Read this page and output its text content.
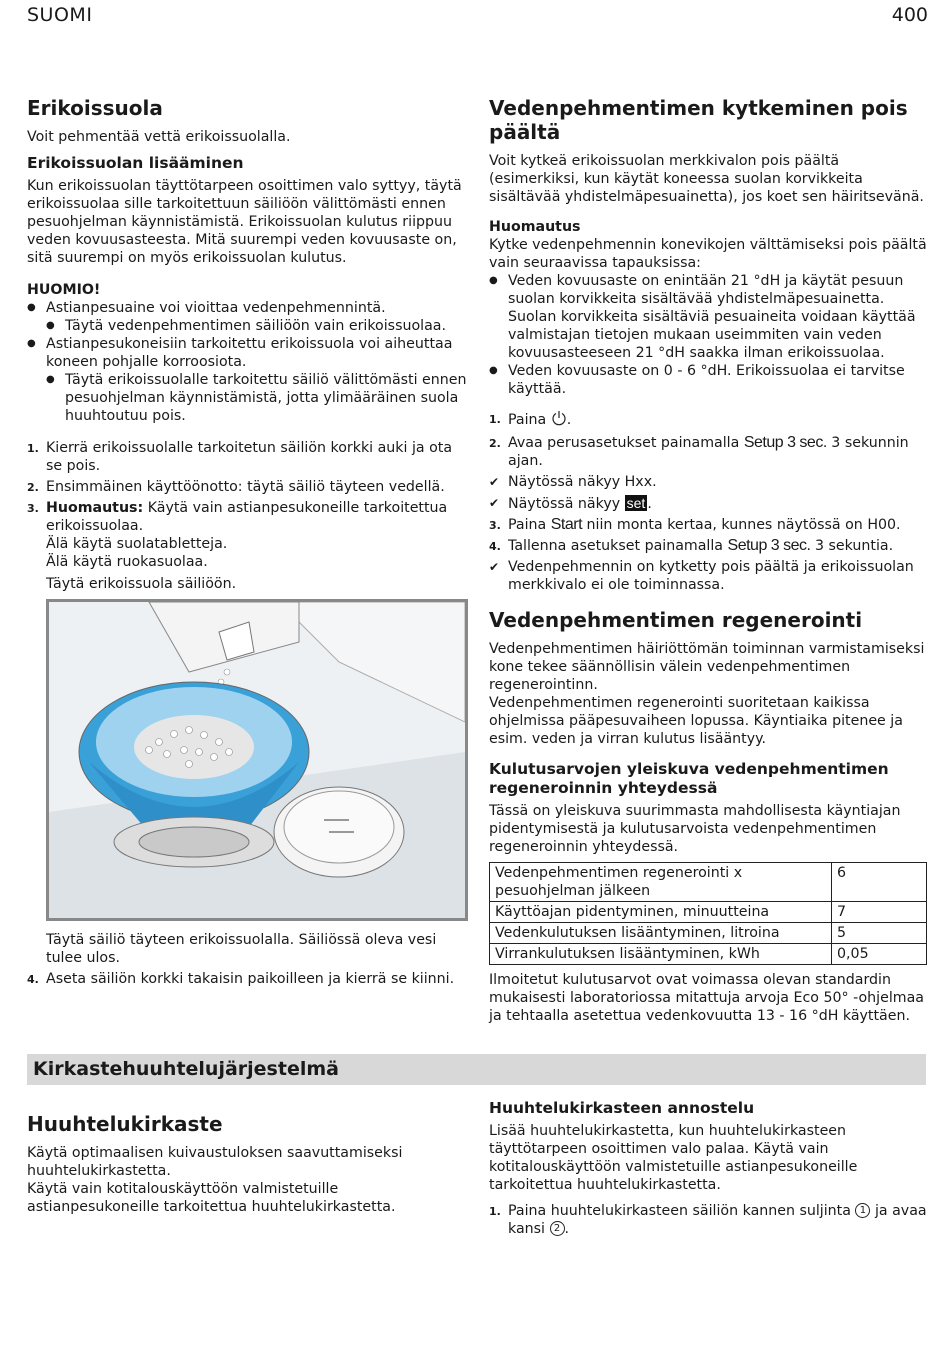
SUOMI	400
Erikoissuola

Voit pehmentää vettä erikoissuolalla.

Erikoissuolan lisääminen

Kun erikoissuolan täyttötarpeen osoittimen valo syttyy, täytä erikoissuolaa sille tarkoitettuun säiliöön välittömästi ennen pesuohjelman käynnistämistä. Erikoissuolan kulutus riippuu veden kovuusasteesta. Mitä suurempi veden kovuusaste on, sitä suurempi on myös erikoissuolan kulutus.

HUOMIO!
● Astianpesuaine voi vioittaa vedenpehmennintä.
● Täytä vedenpehmentimen säiliöön vain erikoissuolaa.
● Astianpesukoneisiin tarkoitettu erikoissuola voi aiheuttaa koneen pohjalle korroosiota.
● Täytä erikoissuolalle tarkoitettu säiliö välittömästi ennen pesuohjelman käynnistämistä, jotta ylimääräinen suola huuhtoutuu pois.
1. Kierrä erikoissuolalle tarkoitetun säiliön korkki auki ja ota se pois.
2. Ensimmäinen käyttöönotto: täytä säiliö täyteen vedellä.
3. Huomautus: Käytä vain astianpesukoneille tarkoitettua erikoissuolaa.
Älä käytä suolatabletteja.
Älä käytä ruokasuolaa.

Täytä erikoissuola säiliöön.
Täytä säiliö täyteen erikoissuolalla. Säiliössä oleva vesi tulee ulos.
4. Aseta säiliön korkki takaisin paikoilleen ja kierrä se kiinni.
Vedenpehmentimen kytkeminen pois päältä

Voit kytkeä erikoissuolan merkkivalon pois päältä (esimerkiksi, kun käytät koneessa suolan korvikkeita sisältävää yhdistelmäpesuainetta), jos koet sen häiritsevänä.

Huomautus

Kytke vedenpehmennin konevikojen välttämiseksi pois päältä vain seuraavissa tapauksissa:

● Veden kovuusaste on enintään 21 °dH ja käytät pesuun suolan korvikkeita sisältävää yhdistelmäpesuainetta. Suolan korvikkeita sisältäviä pesuaineita voidaan käyttää valmistajan tietojen mukaan useimmiten vain veden kovuusasteeseen 21 °dH saakka ilman erikoissuolaa.
● Veden kovuusaste on 0 - 6 °dH. Erikoissuolaa ei tarvitse käyttää.
1. Paina .
2. Avaa perusasetukset painamalla Setup 3 sec. 3 sekunnin ajan.
✔ Näytössä näkyy Hxx.
✔ Näytössä näkyy set .
3. Paina Start niin monta kertaa, kunnes näytössä on H00.
4. Tallenna asetukset painamalla Setup 3 sec. 3 sekuntia.
✔ Vedenpehmennin on kytketty pois päältä ja erikoissuolan merkkivalo ei ole toiminnassa.
Vedenpehmentimen regenerointi

Vedenpehmentimen häiriöttömän toiminnan varmistamiseksi kone tekee säännöllisin välein vedenpehmentimen regenerointinn.

Vedenpehmentimen regenerointi suoritetaan kaikissa ohjelmissa pääpesuvaiheen lopussa. Käyntiaika pitenee ja esim. veden ja virran kulutus lisääntyy.

Kulutusarvojen yleiskuva vedenpehmentimen regeneroinnin yhteydessä

Tässä on yleiskuva suurimmasta mahdollisesta käyntiajan pidentymisestä ja kulutusarvoista vedenpehmentimen regeneroinnin yhteydessä.

Vedenpehmentimen regenerointi x pesuohjelman jälkeen	6
Käyttöajan pidentyminen, minuutteina	7
Vedenkulutuksen lisääntyminen, litroina	5
Virrankulutuksen lisääntyminen, kWh	0,05

Ilmoitetut kulutusarvot ovat voimassa olevan standardin mukaisesti laboratoriossa mitattuja arvoja Eco 50° -ohjelmaa ja tehtaalla asetettua vedenkovuutta 13 - 16 °dH käyttäen.

Kirkastehuuhtelujärjestelmä
Huuhtelukirkaste

Käytä optimaalisen kuivaustuloksen saavuttamiseksi huuhtelukirkastetta.

Käytä vain kotitalouskäyttöön valmistetuille astianpesukoneille tarkoitettua huuhtelukirkastetta.

Huuhtelukirkasteen annostelu

Lisää huuhtelukirkastetta, kun huuhtelukirkasteen täyttötarpeen osoittimen valo palaa. Käytä vain kotitalouskäyttöön valmistetuille astianpesukoneille tarkoitettua huuhtelukirkastetta.

1. Paina huuhtelukirkasteen säiliön kannen suljinta 1 ja avaa kansi 2 .
